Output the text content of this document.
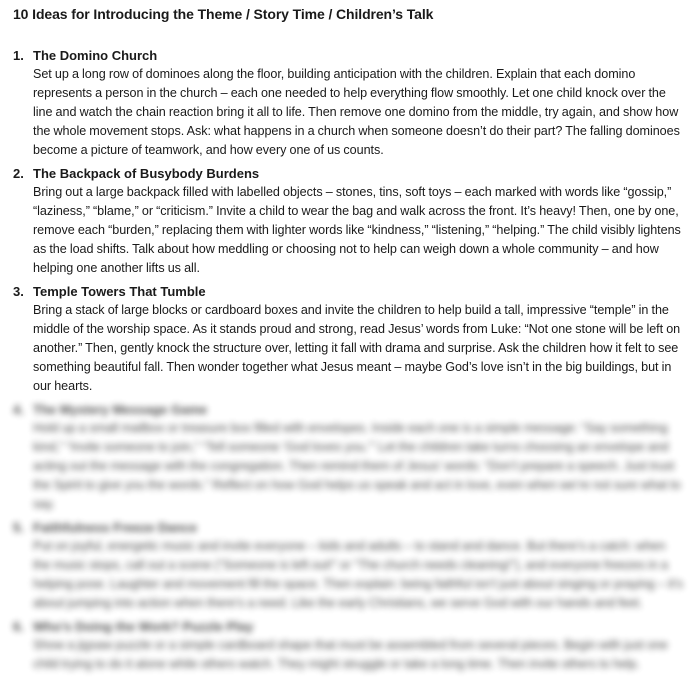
10 Ideas for Introducing the Theme / Story Time / Children’s Talk
1. The Domino Church
Set up a long row of dominoes along the floor, building anticipation with the children. Explain that each domino represents a person in the church – each one needed to help everything flow smoothly. Let one child knock over the line and watch the chain reaction bring it all to life. Then remove one domino from the middle, try again, and show how the whole movement stops. Ask: what happens in a church when someone doesn’t do their part? The falling dominoes become a picture of teamwork, and how every one of us counts.
2. The Backpack of Busybody Burdens
Bring out a large backpack filled with labelled objects – stones, tins, soft toys – each marked with words like “gossip,” “laziness,” “blame,” or “criticism.” Invite a child to wear the bag and walk across the front. It’s heavy! Then, one by one, remove each “burden,” replacing them with lighter words like “kindness,” “listening,” “helping.” The child visibly lightens as the load shifts. Talk about how meddling or choosing not to help can weigh down a whole community – and how helping one another lifts us all.
3. Temple Towers That Tumble
Bring a stack of large blocks or cardboard boxes and invite the children to help build a tall, impressive “temple” in the middle of the worship space. As it stands proud and strong, read Jesus’ words from Luke: “Not one stone will be left on another.” Then, gently knock the structure over, letting it fall with drama and surprise. Ask the children how it felt to see something beautiful fall. Then wonder together what Jesus meant – maybe God’s love isn’t in the big buildings, but in our hearts.
4. The Mystery Message Game
Hold up a small mailbox or treasure box filled with envelopes. Inside each one is a simple message: “Say something kind,” “Invite someone to join,” “Tell someone ‘God loves you.’” Let the children take turns choosing an envelope and acting out the message with the congregation. Then remind them of Jesus’ words: “Don’t prepare a speech. Just trust the Spirit to give you the words.” Reflect on how God helps us speak and act in love, even when we’re not sure what to say.
5. Faithfulness Freeze Dance
Put on joyful, energetic music and invite everyone – kids and adults – to stand and dance. But there’s a catch: when the music stops, call out a scene (“Someone is left out!” or “The church needs cleaning!”), and everyone freezes in a helping pose. Laughter and movement fill the space. Then explain: being faithful isn’t just about singing or praying – it’s about jumping into action when there’s a need. Like the early Christians, we serve God with our hands and feet.
6. Who’s Doing the Work? Puzzle Play
Show a jigsaw puzzle or a simple cardboard shape that must be assembled from several pieces. Begin with just one child trying to do it alone while others watch. They might struggle or take a long time. Then invite others to help.
